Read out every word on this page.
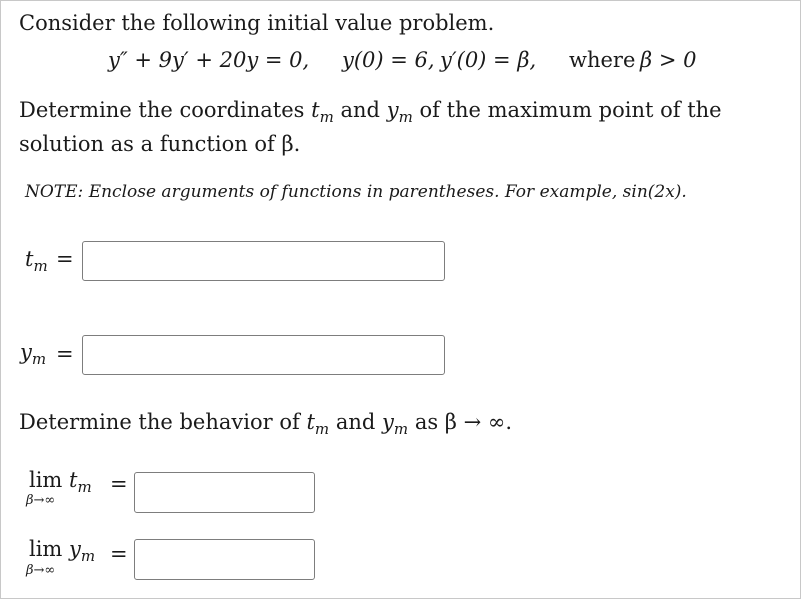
Consider the following initial value problem.
y″ + 9y′ + 20y = 0, y(0) = 6, y′(0) = β, where β > 0
Determine the coordinates $t_m$ and $y_m$ of the maximum point of the
solution as a function of β.
NOTE: Enclose arguments of functions in parentheses. For example, sin(2x).
$t_m$ =
$y_m$ =
Determine the behavior of $t_m$ and $y_m$ as β → ∞.
$\lim t_m$
β→∞
=
$\lim y_m$
β→∞
=
